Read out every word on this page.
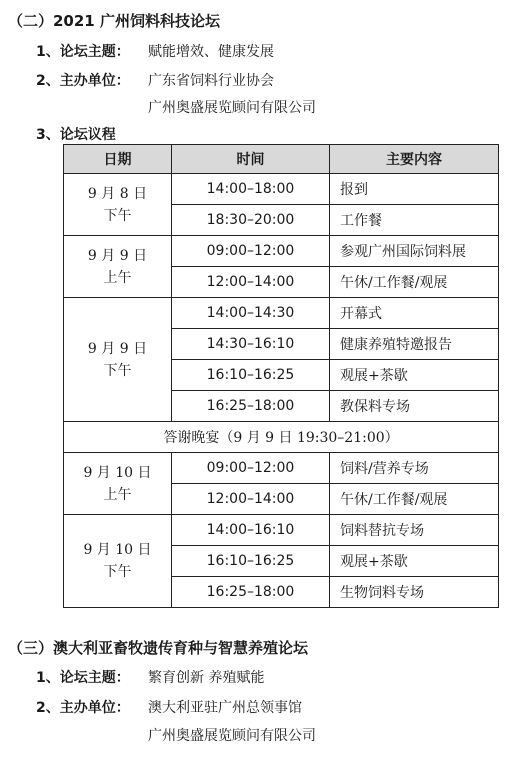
（二）2021 广州饲料科技论坛
1、论坛主题： 赋能增效、健康发展
2、主办单位： 广东省饲料行业协会
广州奥盛展览顾问有限公司
3、论坛议程
日期	时间	主要内容

9 月 8 日
下午	14:00–18:00	报到
	18:30–20:00	工作餐

9 月 9 日
上午	09:00–12:00	参观广州国际饲料展
	12:00–14:00	午休/工作餐/观展

9 月 9 日
下午	14:00–14:30	开幕式
	14:30–16:10	健康养殖特邀报告
	16:10–16:25	观展+茶歇
	16:25–18:00	教保料专场
答谢晚宴（9 月 9 日 19:30–21:00）		

9 月 10 日
上午	09:00–12:00	饲料/营养专场
	12:00–14:00	午休/工作餐/观展

9 月 10 日
下午	14:00–16:10	饲料替抗专场
	16:10–16:25	观展+茶歇
	16:25–18:00	生物饲料专场
（三）澳大利亚畜牧遗传育种与智慧养殖论坛
1、论坛主题： 繁育创新 养殖赋能
2、主办单位： 澳大利亚驻广州总领事馆
广州奥盛展览顾问有限公司
